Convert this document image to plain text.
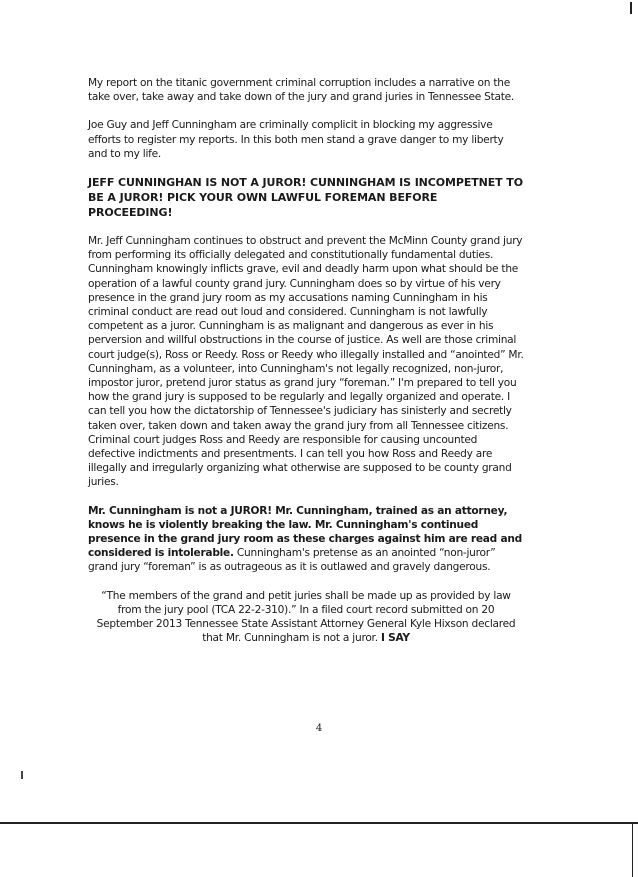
My report on the titanic government criminal corruption includes a narrative on the take over, take away and take down of the jury and grand juries in Tennessee State.

Joe Guy and Jeff Cunningham are criminally complicit in blocking my aggressive efforts to register my reports. In this both men stand a grave danger to my liberty and to my life.

JEFF CUNNINGHAN IS NOT A JUROR! CUNNINGHAM IS INCOMPETNET TO BE A JUROR! PICK YOUR OWN LAWFUL FOREMAN BEFORE PROCEEDING!

Mr. Jeff Cunningham continues to obstruct and prevent the McMinn County grand jury from performing its officially delegated and constitutionally fundamental duties. Cunningham knowingly inflicts grave, evil and deadly harm upon what should be the operation of a lawful county grand jury. Cunningham does so by virtue of his very presence in the grand jury room as my accusations naming Cunningham in his criminal conduct are read out loud and considered. Cunningham is not lawfully competent as a juror. Cunningham is as malignant and dangerous as ever in his perversion and willful obstructions in the course of justice. As well are those criminal court judge(s), Ross or Reedy. Ross or Reedy who illegally installed and “anointed” Mr. Cunningham, as a volunteer, into Cunningham's not legally recognized, non-juror, impostor juror, pretend juror status as grand jury “foreman.” I'm prepared to tell you how the grand jury is supposed to be regularly and legally organized and operate. I can tell you how the dictatorship of Tennessee's judiciary has sinisterly and secretly taken over, taken down and taken away the grand jury from all Tennessee citizens. Criminal court judges Ross and Reedy are responsible for causing uncounted defective indictments and presentments. I can tell you how Ross and Reedy are illegally and irregularly organizing what otherwise are supposed to be county grand juries.

Mr. Cunningham is not a JUROR! Mr. Cunningham, trained as an attorney, knows he is violently breaking the law. Mr. Cunningham's continued presence in the grand jury room as these charges against him are read and considered is intolerable. Cunningham's pretense as an anointed “non-juror” grand jury “foreman” is as outrageous as it is outlawed and gravely dangerous.

“The members of the grand and petit juries shall be made up as provided by law from the jury pool (TCA 22-2-310).” In a filed court record submitted on 20 September 2013 Tennessee State Assistant Attorney General Kyle Hixson declared that Mr. Cunningham is not a juror. I SAY

4
